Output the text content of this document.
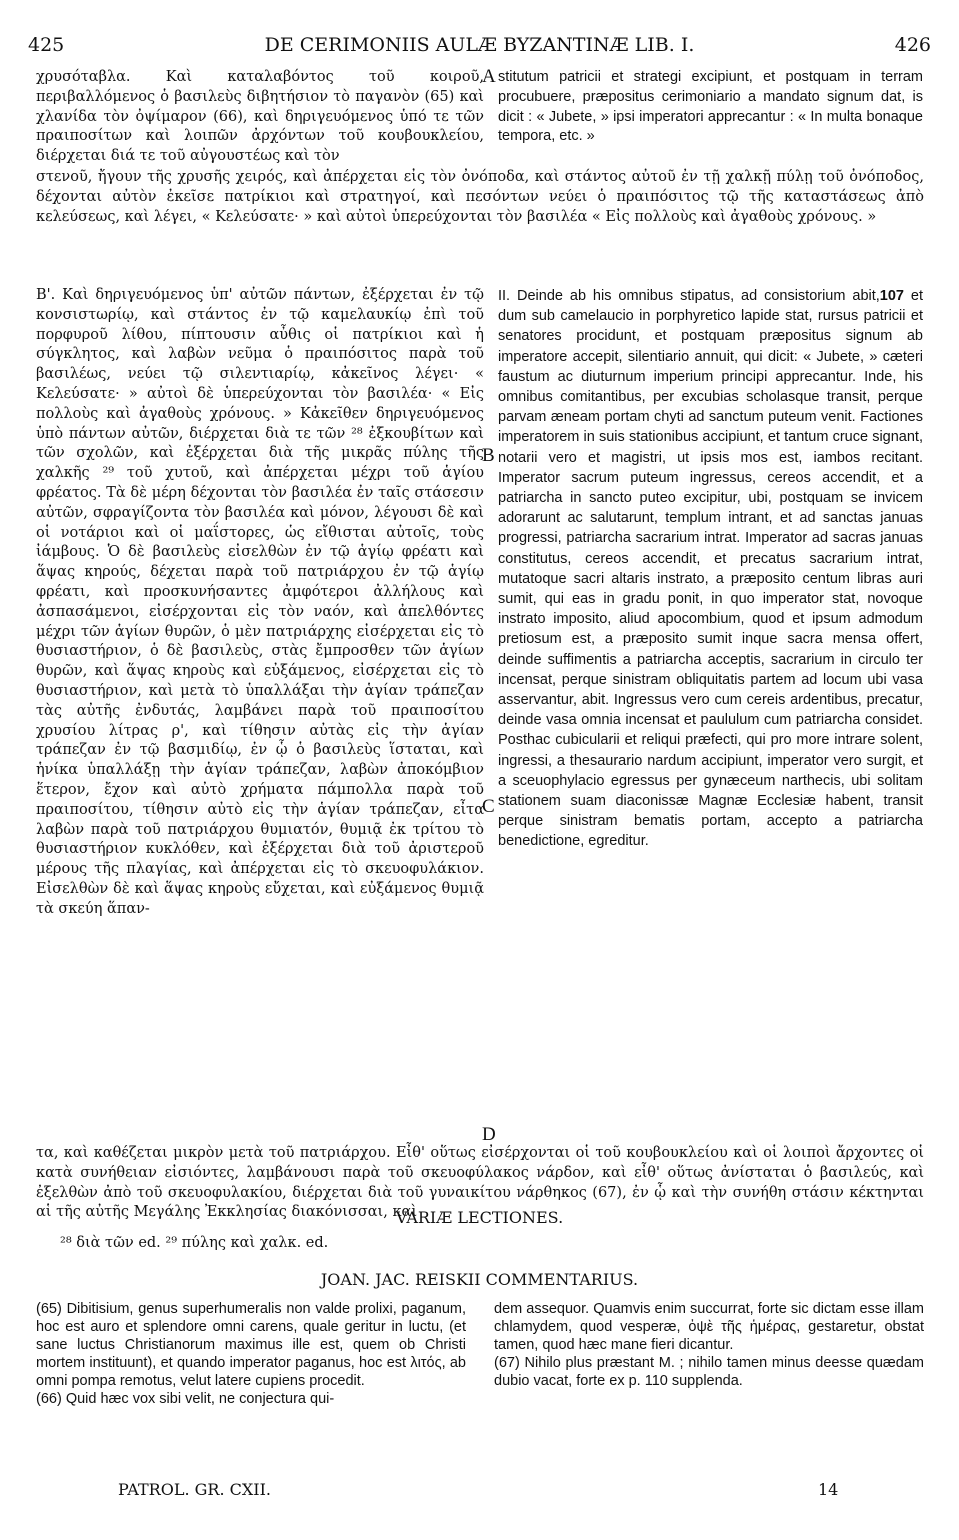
425	DE CERIMONIIS AULÆ BYZANTINÆ LIB. I.	426

χρυσόταβλα. Καὶ καταλαβόντος τοῦ κοιροῦ, περιβαλλόμενος ὁ βασιλεὺς διβητήσιον τὸ παγανὸν (65) καὶ χλανίδα τὸν ὀψίμαρον (66), καὶ δηριγευόμενος ὑπό τε τῶν πραιποσίτων καὶ λοιπῶν ἀρχόντων τοῦ κουβουκλείου, διέρχεται διά τε τοῦ αὐγουστέως καὶ τὸν

stitutum patricii et strategi excipiunt, et postquam in terram procubuere, præpositus cerimoniario a mandato signum dat, is dicit : « Jubete, » ipsi imperatori apprecantur : « In multa bonaque tempora, etc. »

A

στενοῦ, ἤγουν τῆς χρυσῆς χειρός, καὶ ἀπέρχεται εἰς τὸν ὀνόποδα, καὶ στάντος αὐτοῦ ἐν τῇ χαλκῇ πύλῃ τοῦ ὀνόποδος, δέχονται αὐτὸν ἐκεῖσε πατρίκιοι καὶ στρατηγοί, καὶ πεσόντων νεύει ὁ πραιπόσιτος τῷ τῆς καταστάσεως ἀπὸ κελεύσεως, καὶ λέγει, « Κελεύσατε· » καὶ αὐτοὶ ὑπερεύχονται τὸν βασιλέα « Εἰς πολλοὺς καὶ ἀγαθοὺς χρόνους. »

Β'. Καὶ δηριγευόμενος ὑπ' αὐτῶν πάντων, ἐξέρχεται ἐν τῷ κονσιστωρίῳ, καὶ στάντος ἐν τῷ καμελαυκίῳ ἐπὶ τοῦ πορφυροῦ λίθου, πίπτουσιν αὖθις οἱ πατρίκιοι καὶ ἡ σύγκλητος, καὶ λαβὼν νεῦμα ὁ πραιπόσιτος παρὰ τοῦ βασιλέως, νεύει τῷ σιλεντιαρίῳ, κἀκεῖνος λέγει· « Κελεύσατε· » αὐτοὶ δὲ ὑπερεύχονται τὸν βασιλέα· « Εἰς πολλοὺς καὶ ἀγαθοὺς χρόνους. » Κἀκεῖθεν δηριγευόμενος ὑπὸ πάντων αὐτῶν, διέρχεται διὰ τε τῶν ²⁸ ἐξκουβίτων καὶ τῶν σχολῶν, καὶ ἐξέρχεται διὰ τῆς μικρᾶς πύλης τῆς χαλκῆς ²⁹ τοῦ χυτοῦ, καὶ ἀπέρχεται μέχρι τοῦ ἁγίου φρέατος. Τὰ δὲ μέρη δέχονται τὸν βασιλέα ἐν ταῖς στάσεσιν αὐτῶν, σφραγίζοντα τὸν βασιλέα καὶ μόνον, λέγουσι δὲ καὶ οἱ νοτάριοι καὶ οἱ μαΐστορες, ὡς εἴθισται αὐτοῖς, τοὺς ἰάμβους. Ὁ δὲ βασιλεὺς εἰσελθὼν ἐν τῷ ἁγίῳ φρέατι καὶ ἅψας κηρούς, δέχεται παρὰ τοῦ πατριάρχου ἐν τῷ ἁγίῳ φρέατι, καὶ προσκυνήσαντες ἀμφότεροι ἀλλήλους καὶ ἀσπασάμενοι, εἰσέρχονται εἰς τὸν ναόν, καὶ ἀπελθόντες μέχρι τῶν ἁγίων θυρῶν, ὁ μὲν πατριάρχης εἰσέρχεται εἰς τὸ θυσιαστήριον, ὁ δὲ βασιλεὺς, στὰς ἔμπροσθεν τῶν ἁγίων θυρῶν, καὶ ἅψας κηροὺς καὶ εὐξάμενος, εἰσέρχεται εἰς τὸ θυσιαστήριον, καὶ μετὰ τὸ ὑπαλλάξαι τὴν ἁγίαν τράπεζαν τὰς αὐτῆς ἐνδυτάς, λαμβάνει παρὰ τοῦ πραιποσίτου χρυσίου λίτρας ρ', καὶ τίθησιν αὐτὰς εἰς τὴν ἁγίαν τράπεζαν ἐν τῷ βασμιδίῳ, ἐν ᾧ ὁ βασιλεὺς ἵσταται, καὶ ἡνίκα ὑπαλλάξῃ τὴν ἁγίαν τράπεζαν, λαβὼν ἀποκόμβιον ἕτερον, ἔχον καὶ αὐτὸ χρήματα πάμπολλα παρὰ τοῦ πραιποσίτου, τίθησιν αὐτὸ εἰς τὴν ἁγίαν τράπεζαν, εἶτα λαβὼν παρὰ τοῦ πατριάρχου θυμιατόν, θυμιᾷ ἐκ τρίτου τὸ θυσιαστήριον κυκλόθεν, καὶ ἐξέρχεται διὰ τοῦ ἀριστεροῦ μέρους τῆς πλαγίας, καὶ ἀπέρχεται εἰς τὸ σκευοφυλάκιον. Εἰσελθὼν δὲ καὶ ἅψας κηροὺς εὔχεται, καὶ εὐξάμενος θυμιᾷ τὰ σκεύη ἅπαν-

II. Deinde ab his omnibus stipatus, ad consistorium abit,107 et dum sub camelaucio in porphyretico lapide stat, rursus patricii et senatores procidunt, et postquam præpositus signum ab imperatore accepit, silentiario annuit, qui dicit: « Jubete, » cæteri faustum ac diuturnum imperium principi apprecantur. Inde, his omnibus comitantibus, per excubias scholasque transit, perque parvam æneam portam chyti ad sanctum puteum venit. Factiones imperatorem in suis stationibus accipiunt, et tantum cruce signant, notarii vero et magistri, ut ipsis mos est, iambos recitant. Imperator sacrum puteum ingressus, cereos accendit, et a patriarcha in sancto puteo excipitur, ubi, postquam se invicem adorarunt ac salutarunt, templum intrant, et ad sanctas januas progressi, patriarcha sacrarium intrat. Imperator ad sacras januas constitutus, cereos accendit, et precatus sacrarium intrat, mutatoque sacri altaris instrato, a præposito centum libras auri sumit, qui eas in gradu ponit, in quo imperator stat, novoque instrato imposito, aliud apocombium, quod et ipsum admodum pretiosum est, a præposito sumit inque sacra mensa offert, deinde suffimentis a patriarcha acceptis, sacrarium in circulo ter incensat, perque sinistram obliquitatis partem ad locum ubi vasa asservantur, abit. Ingressus vero cum cereis ardentibus, precatur, deinde vasa omnia incensat et paululum cum patriarcha considet. Posthac cubicularii et reliqui præfecti, qui pro more intrare solent, ingressi, a thesaurario nardum accipiunt, imperator vero surgit, et a sceuophylacio egressus per gynæceum narthecis, ubi solitam stationem suam diaconissæ Magnæ Ecclesiæ habent, transit perque sinistram bematis portam, accepto a patriarcha benedictione, egreditur.

B
C
D

τα, καὶ καθέζεται μικρὸν μετὰ τοῦ πατριάρχου. Εἶθ' οὕτως εἰσέρχονται οἱ τοῦ κουβουκλείου καὶ οἱ λοιποὶ ἄρχοντες οἱ κατὰ συνήθειαν εἰσιόντες, λαμβάνουσι παρὰ τοῦ σκευοφύλακος νάρδον, καὶ εἶθ' οὕτως ἀνίσταται ὁ βασιλεύς, καὶ ἐξελθὼν ἀπὸ τοῦ σκευοφυλακίου, διέρχεται διὰ τοῦ γυναικίτου νάρθηκος (67), ἐν ᾧ καὶ τὴν συνήθη στάσιν κέκτηνται αἱ τῆς αὐτῆς Μεγάλης Ἐκκλησίας διακόνισσαι, καὶ

VARIÆ LECTIONES.
²⁸ διὰ τῶν ed. ²⁹ πύλης καὶ χαλκ. ed.
JOAN. JAC. REISKII COMMENTARIUS.

(65) Dibitisium, genus superhumeralis non valde prolixi, paganum, hoc est auro et splendore omni carens, quale geritur in luctu, (et sane luctus Christianorum maximus ille est, quem ob Christi mortem instituunt), et quando imperator paganus, hoc est λιτός, ab omni pompa remotus, velut latere cupiens procedit.

(66) Quid hæc vox sibi velit, ne conjectura qui-

dem assequor. Quamvis enim succurrat, forte sic dictam esse illam chlamydem, quod vesperæ, ὀψὲ τῆς ἡμέρας, gestaretur, obstat tamen, quod hæc mane fieri dicantur.

(67) Nihilo plus præstant M. ; nihilo tamen minus deesse quædam dubio vacat, forte ex p. 110 supplenda.

PATROL. GR. CXII.	14
